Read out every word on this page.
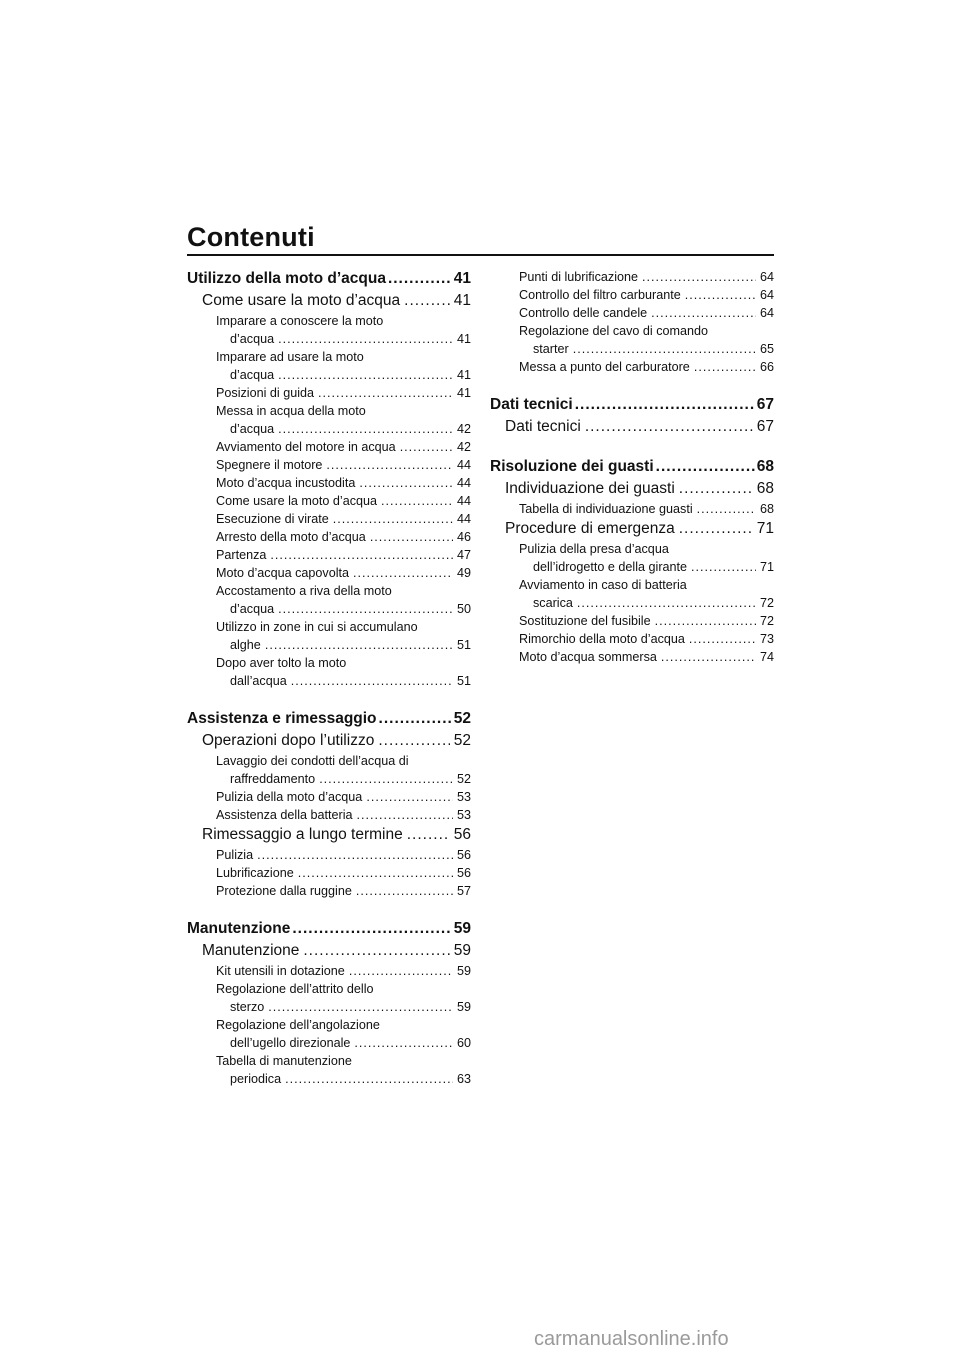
Contenuti
Utilizzo della moto d’acqua .....	41
Come usare la moto d’acqua .....	41
Imparare a conoscere la moto
d’acqua .....	41
Imparare ad usare la moto
d’acqua .....	41
Posizioni di guida .....	41
Messa in acqua della moto
d’acqua .....	42
Avviamento del motore in acqua .....	42
Spegnere il motore .....	44
Moto d’acqua incustodita .....	44
Come usare la moto d’acqua .....	44
Esecuzione di virate .....	44
Arresto della moto d’acqua .....	46
Partenza .....	47
Moto d’acqua capovolta .....	49
Accostamento a riva della moto
d’acqua .....	50
Utilizzo in zone in cui si accumulano
alghe .....	51
Dopo aver tolto la moto
dall’acqua .....	51
Assistenza e rimessaggio .....	52
Operazioni dopo l’utilizzo .....	52
Lavaggio dei condotti dell’acqua di
raffreddamento .....	52
Pulizia della moto d’acqua .....	53
Assistenza della batteria .....	53
Rimessaggio a lungo termine .....	56
Pulizia .....	56
Lubrificazione .....	56
Protezione dalla ruggine .....	57
Manutenzione .....	59
Manutenzione .....	59
Kit utensili in dotazione .....	59
Regolazione dell’attrito dello
sterzo .....	59
Regolazione dell’angolazione
dell’ugello direzionale .....	60
Tabella di manutenzione
periodica .....	63
Punti di lubrificazione .....	64
Controllo del filtro carburante .....	64
Controllo delle candele .....	64
Regolazione del cavo di comando
starter .....	65
Messa a punto del carburatore .....	66
Dati tecnici .....	67
Dati tecnici .....	67
Risoluzione dei guasti .....	68
Individuazione dei guasti .....	68
Tabella di individuazione guasti .....	68
Procedure di emergenza .....	71
Pulizia della presa d’acqua
dell’idrogetto e della girante .....	71
Avviamento in caso di batteria
scarica .....	72
Sostituzione del fusibile .....	72
Rimorchio della moto d’acqua .....	73
Moto d’acqua sommersa .....	74
carmanualsonline.info
